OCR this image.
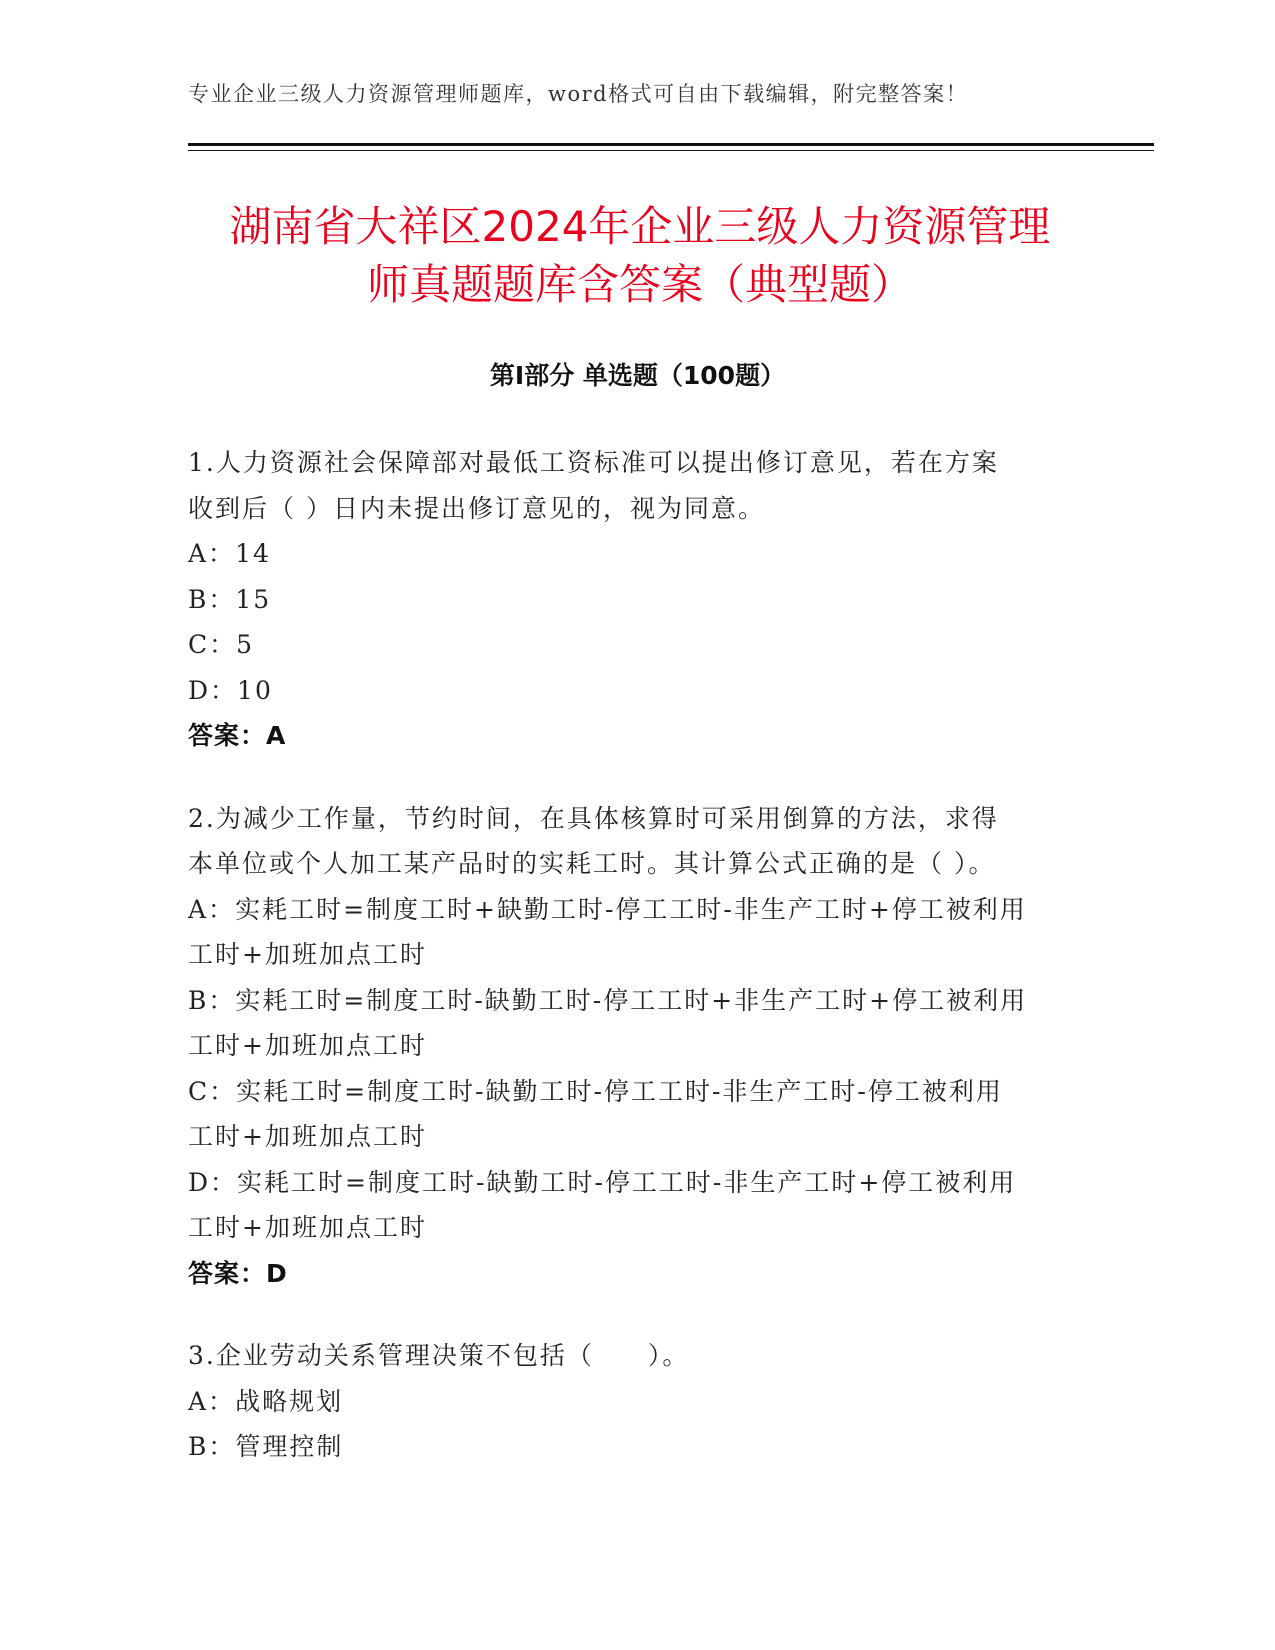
专业企业三级人力资源管理师题库，word格式可自由下载编辑，附完整答案！
湖南省大祥区2024年企业三级人力资源管理
师真题题库含答案（典型题）
第Ⅰ部分 单选题（100题）
1.人力资源社会保障部对最低工资标准可以提出修订意见，若在方案
收到后（ ）日内未提出修订意见的，视为同意。
A：14
B：15
C：5
D：10
答案：A
2.为减少工作量，节约时间，在具体核算时可采用倒算的方法，求得
本单位或个人加工某产品时的实耗工时。其计算公式正确的是（ ）。
A：实耗工时=制度工时+缺勤工时-停工工时-非生产工时+停工被利用
工时+加班加点工时
B：实耗工时=制度工时-缺勤工时-停工工时+非生产工时+停工被利用
工时+加班加点工时
C：实耗工时=制度工时-缺勤工时-停工工时-非生产工时-停工被利用
工时+加班加点工时
D：实耗工时=制度工时-缺勤工时-停工工时-非生产工时+停工被利用
工时+加班加点工时
答案：D
3.企业劳动关系管理决策不包括（　　）。
A：战略规划
B：管理控制
